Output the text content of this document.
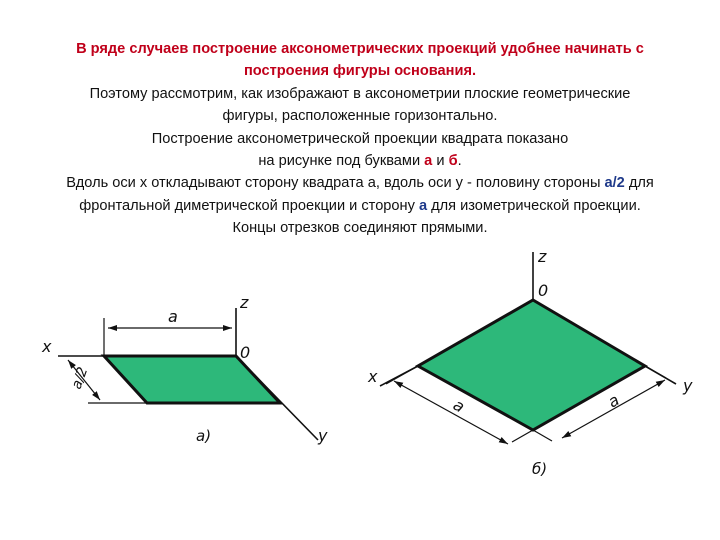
В ряде случаев построение аксонометрических проекций удобнее начинать с
построения фигуры основания.
Поэтому рассмотрим, как изображают в аксонометрии плоские геометрические
фигуры, расположенные горизонтально.
Построение аксонометрической проекции квадрата показано
на рисунке под буквами а и б.
Вдоль оси х откладывают сторону квадрата а, вдоль оси у - половину стороны а/2 для
фронтальной диметрической проекции и сторону а для изометрической проекции.
Концы отрезков соединяют прямыми.
x
z
0
y
a
a/2
а)
z
0
x	y
a	a
б)
